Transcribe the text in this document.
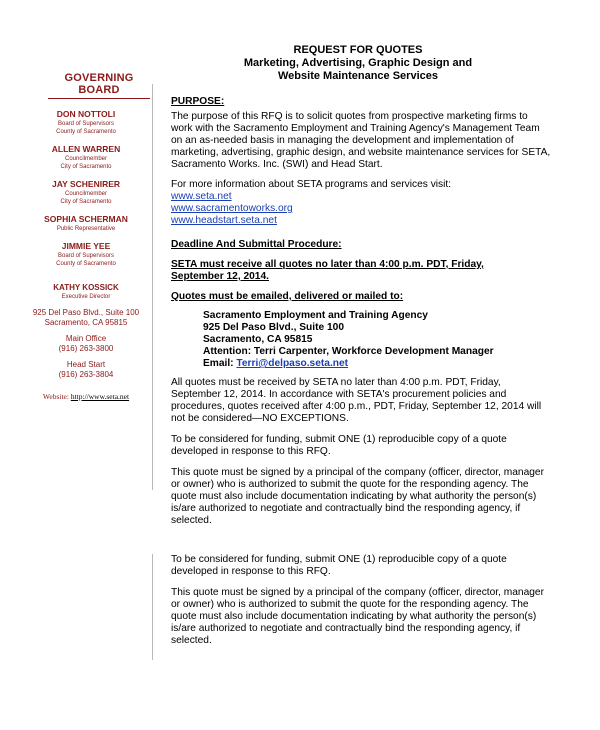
REQUEST FOR QUOTES
Marketing, Advertising, Graphic Design and
Website Maintenance Services
GOVERNING BOARD
DON NOTTOLI
Board of Supervisors
County of Sacramento
ALLEN WARREN
Councilmember
City of Sacramento
JAY SCHENIRER
Councilmember
City of Sacramento
SOPHIA SCHERMAN
Public Representative
JIMMIE YEE
Board of Supervisors
County of Sacramento
KATHY KOSSICK
Executive Director
925 Del Paso Blvd., Suite 100
Sacramento, CA 95815
Main Office
(916) 263-3800
Head Start
(916) 263-3804
Website: http://www.seta.net

PURPOSE:

The purpose of this RFQ is to solicit quotes from prospective marketing firms to work with the Sacramento Employment and Training Agency's Management Team on an as-needed basis in managing the development and implementation of marketing, advertising, graphic design, and website maintenance services for SETA, Sacramento Works. Inc. (SWI) and Head Start.

For more information about SETA programs and services visit:

www.seta.net
www.sacramentoworks.org
www.headstart.seta.net

Deadline And Submittal Procedure:

SETA must receive all quotes no later than 4:00 p.m. PDT, Friday,

September 12, 2014.

Quotes must be emailed, delivered or mailed to:

Sacramento Employment and Training Agency

925 Del Paso Blvd., Suite 100

Sacramento, CA 95815

Attention: Terri Carpenter, Workforce Development Manager

Email: Terri@delpaso.seta.net

All quotes must be received by SETA no later than 4:00 p.m. PDT, Friday, September 12, 2014. In accordance with SETA's procurement policies and procedures, quotes received after 4:00 p.m., PDT, Friday, September 12, 2014 will not be considered—NO EXCEPTIONS.

To be considered for funding, submit ONE (1) reproducible copy of a quote developed in response to this RFQ.

This quote must be signed by a principal of the company (officer, director, manager or owner) who is authorized to submit the quote for the responding agency. The quote must also include documentation indicating by what authority the person(s) is/are authorized to negotiate and contractually bind the responding agency, if selected.

To be considered for funding, submit ONE (1) reproducible copy of a quote developed in response to this RFQ.

This quote must be signed by a principal of the company (officer, director, manager or owner) who is authorized to submit the quote for the responding agency. The quote must also include documentation indicating by what authority the person(s) is/are authorized to negotiate and contractually bind the responding agency, if selected.
